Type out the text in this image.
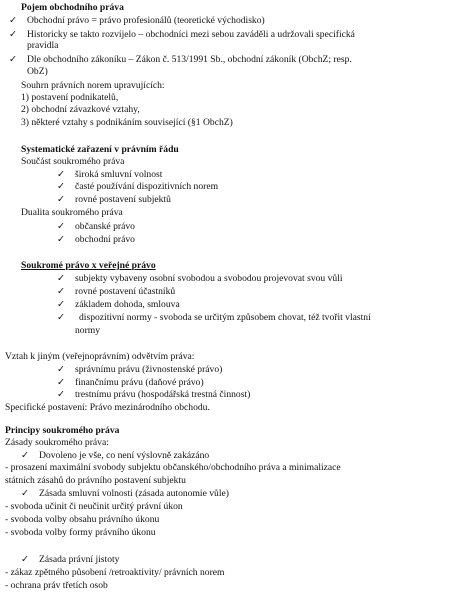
Pojem obchodního práva
✓ Obchodní právo = právo profesionálů (teoretické východisko)
✓ Historicky se takto rozvíjelo – obchodníci mezi sebou zaváděli a udržovali specifická
pravidla
✓ Dle obchodního zákoníku – Zákon č. 513/1991 Sb., obchodní zákoník (ObchZ; resp.
ObZ)
Souhrn právních norem upravujících:
1) postavení podnikatelů,
2) obchodní závazkové vztahy,
3) některé vztahy s podnikáním související (§1 ObchZ)
Systematické zařazení v právním řádu
Součást soukromého práva
✓ široká smluvní volnost
✓ časté používání dispozitivních norem
✓ rovné postavení subjektů
Dualita soukromého práva
✓ občanské právo
✓ obchodní právo
Soukromé právo x veřejné právo
✓ subjekty vybaveny osobní svobodou a svobodou projevovat svou vůli
✓ rovné postavení účastníků
✓ základem dohoda, smlouva
✓ dispozitivní normy - svoboda se určitým způsobem chovat, též tvořit vlastní
normy
Vztah k jiným (veřejnoprávním) odvětvím práva:
✓ správnímu právu (živnostenské právo)
✓ finančnímu právu (daňové právo)
✓ trestnímu právu (hospodářská trestná činnost)
Specifické postavení: Právo mezinárodního obchodu.
Principy soukromého práva
Zásady soukromého práva:
✓ Dovoleno je vše, co není výslovně zakázáno
- prosazení maximální svobody subjektu občanského/obchodního práva a minimalizace
státních zásahů do právního postavení subjektu
✓ Zásada smluvní volnosti (zásada autonomie vůle)
- svoboda učinit či neučinit určitý právní úkon
- svoboda volby obsahu právního úkonu
- svoboda volby formy právního úkonu
✓ Zásada právní jistoty
- zákaz zpětného působení /retroaktivity/ právních norem
- ochrana práv třetích osob
